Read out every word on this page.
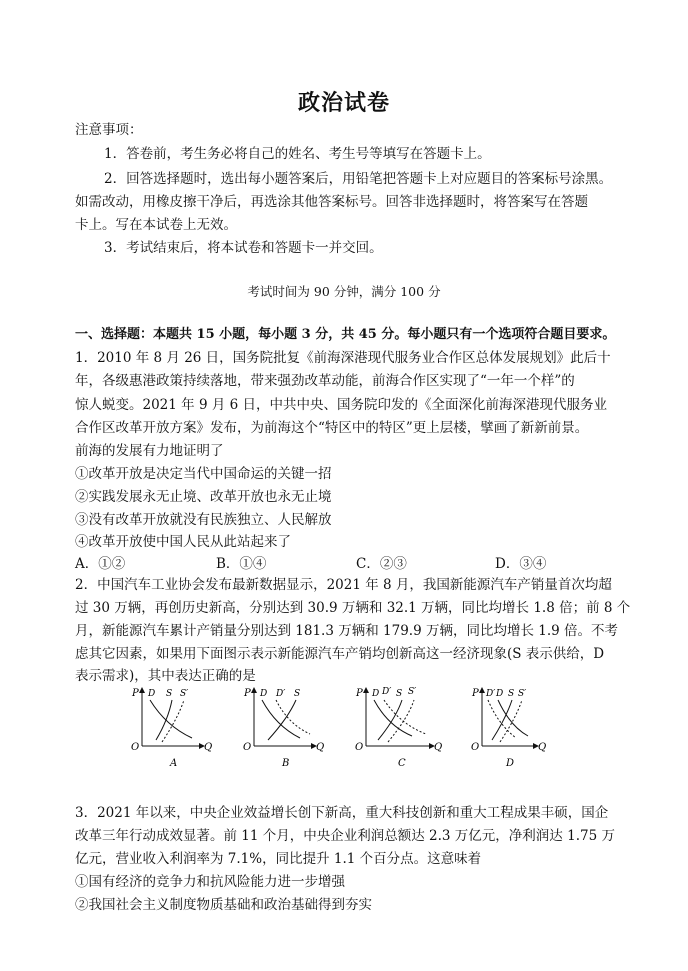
政治试卷
注意事项：
1．答卷前，考生务必将自己的姓名、考生号等填写在答题卡上。
2．回答选择题时，选出每小题答案后，用铅笔把答题卡上对应题目的答案标号涂黑。
如需改动，用橡皮擦干净后，再选涂其他答案标号。回答非选择题时，将答案写在答题
卡上。写在本试卷上无效。
3．考试结束后，将本试卷和答题卡一并交回。
考试时间为 90 分钟，满分 100 分
一、选择题：本题共 15 小题，每小题 3 分，共 45 分。每小题只有一个选项符合题目要求。
1．2010 年 8 月 26 日，国务院批复《前海深港现代服务业合作区总体发展规划》此后十
年，各级惠港政策持续落地，带来强劲改革动能，前海合作区实现了“一年一个样”的
惊人蜕变。2021 年 9 月 6 日，中共中央、国务院印发的《全面深化前海深港现代服务业
合作区改革开放方案》发布，为前海这个“特区中的特区”更上层楼，擘画了新新前景。
前海的发展有力地证明了
①改革开放是决定当代中国命运的关键一招
②实践发展永无止境、改革开放也永无止境
③没有改革开放就没有民族独立、人民解放
④改革开放使中国人民从此站起来了
A．①②	B．①④	C．②③	D．③④
2．中国汽车工业协会发布最新数据显示，2021 年 8 月，我国新能源汽车产销量首次均超
过 30 万辆，再创历史新高，分别达到 30.9 万辆和 32.1 万辆，同比均增长 1.8 倍；前 8 个
月，新能源汽车累计产销量分别达到 181.3 万辆和 179.9 万辆，同比均增长 1.9 倍。不考
虑其它因素，如果用下面图示表示新能源汽车产销均创新高这一经济现象(S 表示供给，D
表示需求)，其中表达正确的是
P
O	Q
D S S′
A
P
O	Q
D D′ S
B
P
O	Q
D D′ S S′
C
P
O	Q
D′ D S S′
D
3．2021 年以来，中央企业效益增长创下新高，重大科技创新和重大工程成果丰硕，国企
改革三年行动成效显著。前 11 个月，中央企业利润总额达 2.3 万亿元，净利润达 1.75 万
亿元，营业收入利润率为 7.1%，同比提升 1.1 个百分点。这意味着
①国有经济的竞争力和抗风险能力进一步增强
②我国社会主义制度物质基础和政治基础得到夯实
